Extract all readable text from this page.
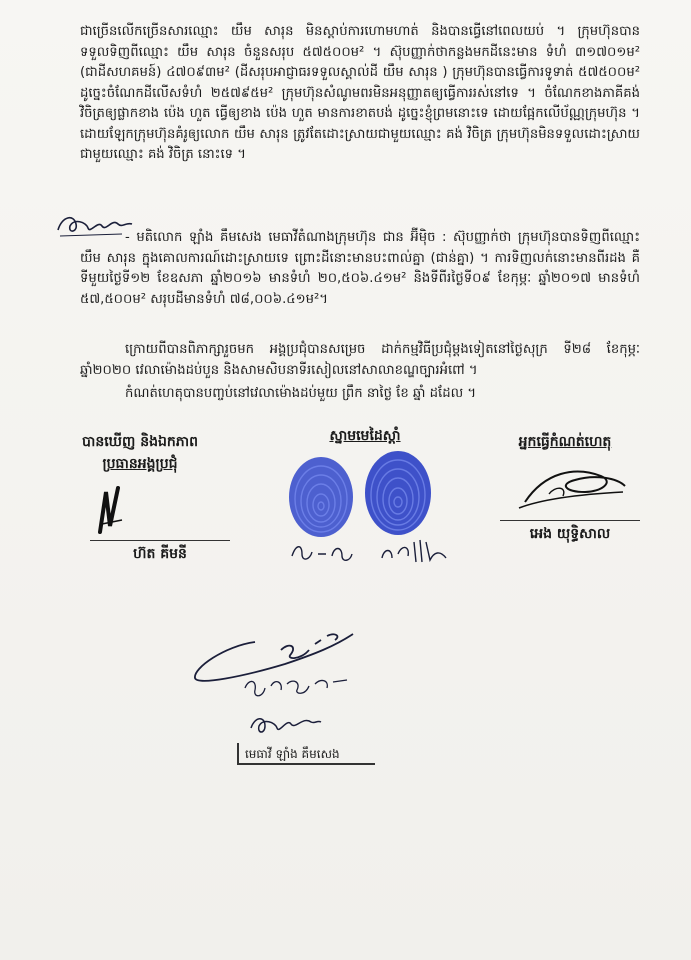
ជាច្រើនលើកច្រើនសារឈ្មោះ យឹម សារុន មិនស្តាប់ការហោមហាត់ និងបានធ្វើនៅពេលយប់ ។ ក្រុមហ៊ុនបានទទួលទិញពីឈ្មោះ យឹម សារុន ចំនួនសរុប ៥៧៥០០ម² ។ ស៊ុបញ្ញាក់ថាកន្លងមកដីនេះមាន ទំហំ ៣១៧០១ម² (ជាដីសហគមន៍) ៤៧០៩៣ម² (ដីសរុបអាជ្ញាធរទទួលស្គាល់ដី យឹម សារុន ) ក្រុមហ៊ុនបានធ្វើការទូទាត់ ៥៧៥០០ម² ដូច្នេះចំណែកដីលើសទំហំ ២៥៧៩៥ម² ក្រុមហ៊ុនសំណូមពរមិនអនុញ្ញាតឲ្យធ្វើការរស់នៅទេ ។ ចំណែកខាងភាគីគង់វិចិត្រឲ្យផ្លាកខាង ប៉េង ហួត ធ្វើឲ្យខាង ប៉េង ហួត មានការខាតបង់ ដូច្នេះខ្ញុំព្រមនោះទេ ដោយផ្អែកលើប័ណ្ណក្រុមហ៊ុន ។ ដោយឡែកក្រុមហ៊ុនគំរូឲ្យលោក យឹម សារុន ត្រូវតែដោះស្រាយជាមួយឈ្មោះ គង់ វិចិត្រ ក្រុមហ៊ុនមិនទទួលដោះស្រាយជាមួយឈ្មោះ គង់ វិចិត្រ នោះទេ ។
- មតិលោក ឡាំង គឹមសេង មេធាវីតំណាងក្រុមហ៊ុន ជាន អ៊ីម៉ិច : ស៊ុបញ្ញាក់ថា ក្រុមហ៊ុនបានទិញពីឈ្មោះ យឹម សារុន ក្នុងគោលការណ៍ដោះស្រាយទេ ព្រោះដីនោះមានបះពាល់គ្នា (ជាន់គ្នា) ។ ការទិញលក់នោះមានពីរដង គឺទីមួយថ្ងៃទី១២ ខែឧសភា ឆ្នាំ២០១៦ មានទំហំ ២០,៥០៦.៤១ម² និងទីពីរថ្ងៃទី០៩ ខែកុម្ភៈ ឆ្នាំ២០១៧ មានទំហំ ៥៧,៥០០ម² សរុបដីមានទំហំ ៧៨,០០៦.៤១ម²។
ក្រោយពីបានពិភាក្សារួចមក អង្គប្រជុំបានសម្រេច ដាក់កម្មវិធីប្រជុំម្តងទៀតនៅថ្ងៃសុក្រ ទី២៨ ខែកុម្ភៈ ឆ្នាំ២០២០ វេលាម៉ោងដប់បួន និងសាមសិបនាទីរសៀលនៅសាលាខណ្ឌច្បារអំពៅ ។
កំណត់ហេតុបានបញ្ចប់នៅវេលាម៉ោងដប់មួយ ព្រឹក នាថ្ងៃ ខែ ឆ្នាំ ដដែល ។
បានឃើញ និងឯកភាព
ប្រធានអង្គប្រជុំ
ហ៊ត គីមនី
ស្នាមមេដៃស្តាំ	អ្នកធ្វើកំណត់ហេតុ
អេង យុទ្ធិសាល
មេធាវី ឡាំង គឹមសេង
